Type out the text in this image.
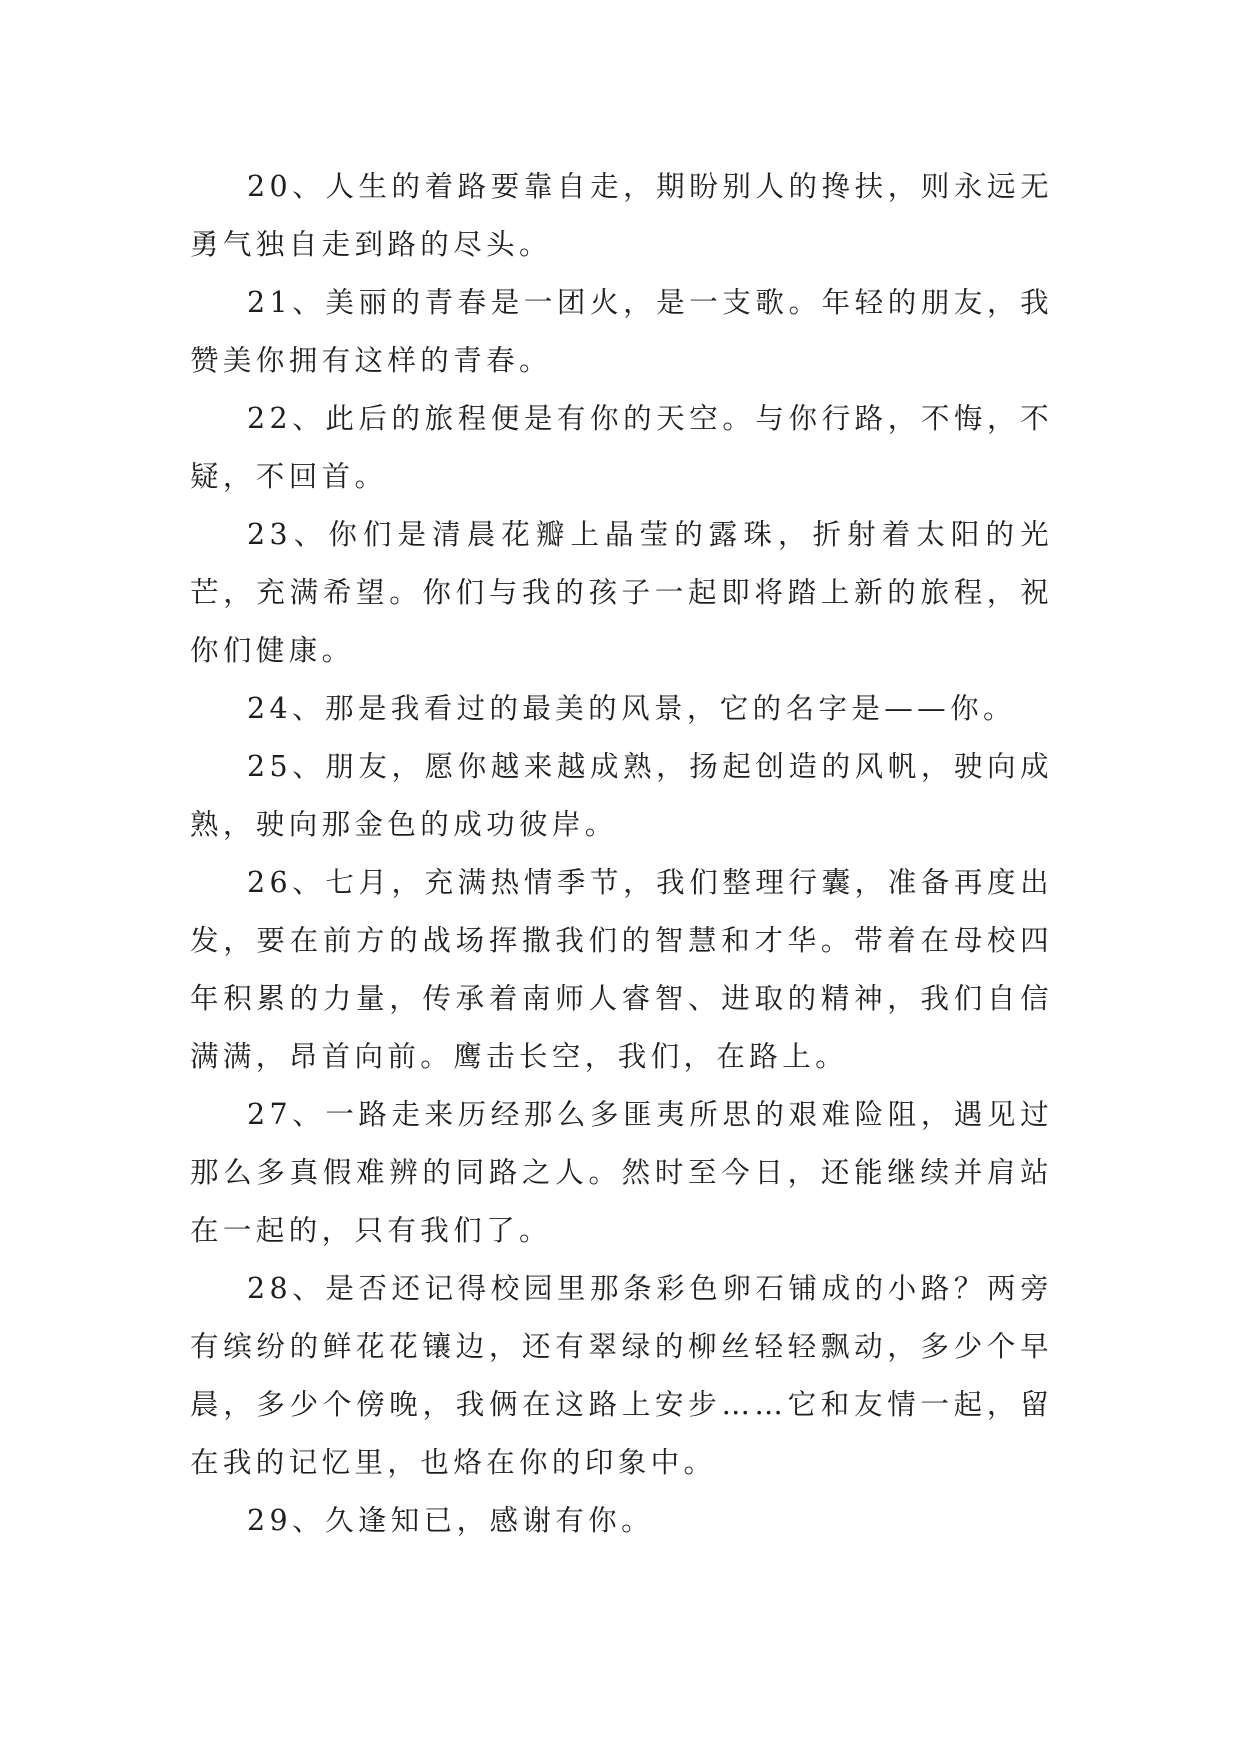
20、人生的着路要靠自走，期盼别人的搀扶，则永远无勇气独自走到路的尽头。

21、美丽的青春是一团火，是一支歌。年轻的朋友，我赞美你拥有这样的青春。

22、此后的旅程便是有你的天空。与你行路，不悔，不疑，不回首。

23、你们是清晨花瓣上晶莹的露珠，折射着太阳的光芒，充满希望。你们与我的孩子一起即将踏上新的旅程，祝你们健康。

24、那是我看过的最美的风景，它的名字是——你。

25、朋友，愿你越来越成熟，扬起创造的风帆，驶向成熟，驶向那金色的成功彼岸。

26、七月，充满热情季节，我们整理行囊，准备再度出发，要在前方的战场挥撒我们的智慧和才华。带着在母校四年积累的力量，传承着南师人睿智、进取的精神，我们自信满满，昂首向前。鹰击长空，我们，在路上。

27、一路走来历经那么多匪夷所思的艰难险阻，遇见过那么多真假难辨的同路之人。然时至今日，还能继续并肩站在一起的，只有我们了。

28、是否还记得校园里那条彩色卵石铺成的小路？两旁有缤纷的鲜花花镶边，还有翠绿的柳丝轻轻飘动，多少个早晨，多少个傍晚，我俩在这路上安步……它和友情一起，留在我的记忆里，也烙在你的印象中。

29、久逢知已，感谢有你。
